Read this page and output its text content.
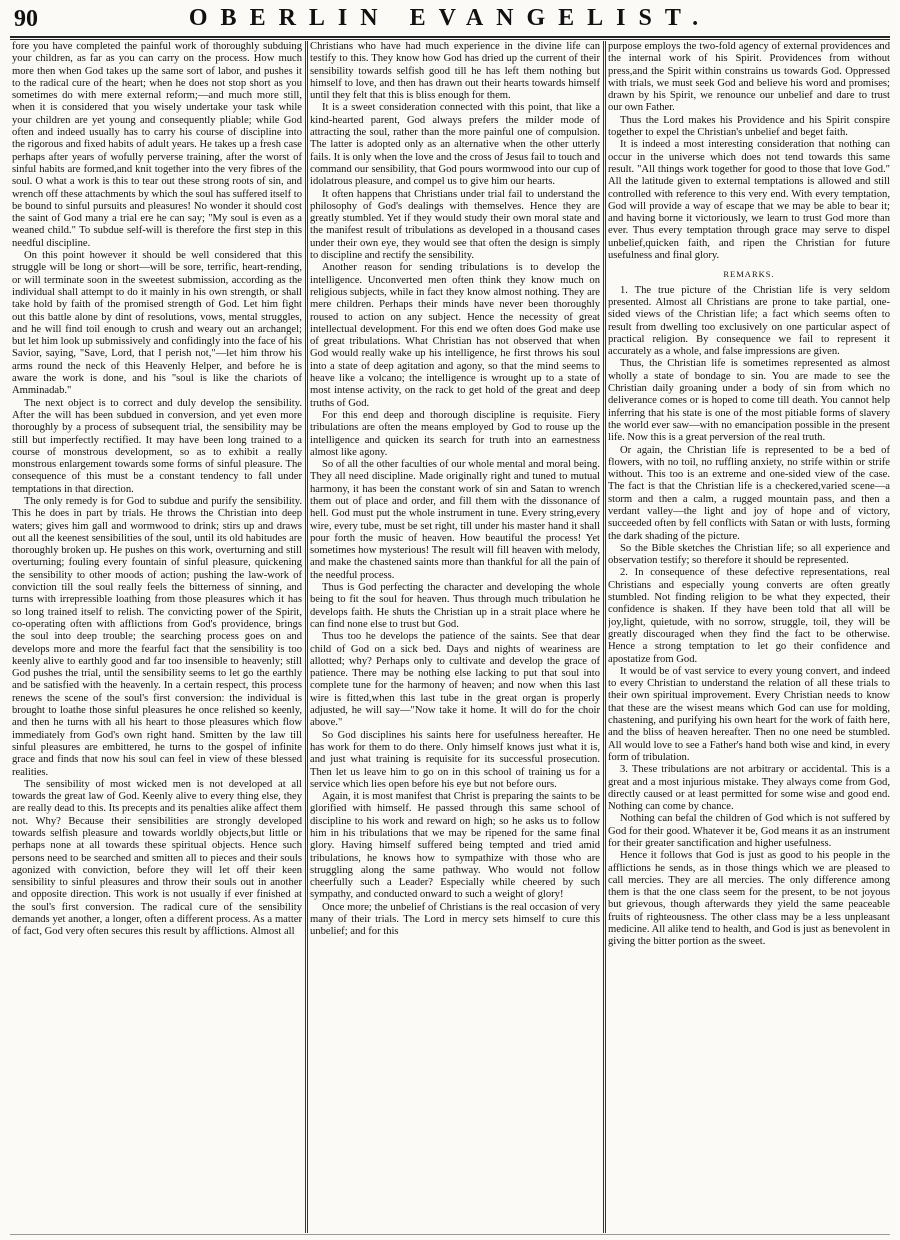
90	OBERLIN EVANGELIST.

fore you have completed the painful work of thoroughly subduing your children, as far as you can carry on the process. How much more then when God takes up the same sort of labor, and pushes it to the radical cure of the heart; when he does not stop short as you sometimes do with mere external reform;—and much more still, when it is considered that you wisely undertake your task while your children are yet young and consequently pliable; while God often and indeed usually has to carry his course of discipline into the rigorous and fixed habits of adult years. He takes up a fresh case perhaps after years of wofully perverse training, after the worst of sinful habits are formed,and knit together into the very fibres of the soul. O what a work is this to tear out these strong roots of sin, and wrench off these attachments by which the soul has suffered itself to be bound to sinful pursuits and pleasures! No wonder it should cost the saint of God many a trial ere he can say; "My soul is even as a weaned child." To subdue self-will is therefore the first step in this needful discipline.

On this point however it should be well considered that this struggle will be long or short—will be sore, terrific, heart-rending, or will terminate soon in the sweetest submission, according as the individual shall attempt to do it mainly in his own strength, or shall take hold by faith of the promised strength of God. Let him fight out this battle alone by dint of resolutions, vows, mental struggles, and he will find toil enough to crush and weary out an archangel; but let him look up submissively and confidingly into the face of his Savior, saying, "Save, Lord, that I perish not,"—let him throw his arms round the neck of this Heavenly Helper, and before he is aware the work is done, and his "soul is like the chariots of Amminadab."

The next object is to correct and duly develop the sensibility. After the will has been subdued in conversion, and yet even more thoroughly by a process of subsequent trial, the sensibility may be still but imperfectly rectified. It may have been long trained to a course of monstrous development, so as to exhibit a really monstrous enlargement towards some forms of sinful pleasure. The consequence of this must be a constant tendency to fall under temptations in that direction.

The only remedy is for God to subdue and purify the sensibility. This he does in part by trials. He throws the Christian into deep waters; gives him gall and wormwood to drink; stirs up and draws out all the keenest sensibilities of the soul, until its old habitudes are thoroughly broken up. He pushes on this work, overturning and still overturning; fouling every fountain of sinful pleasure, quickening the sensibility to other moods of action; pushing the law-work of conviction till the soul really feels the bitterness of sinning, and turns with irrepressible loathing from those pleasures which it has so long trained itself to relish. The convicting power of the Spirit, co-operating often with afflictions from God's providence, brings the soul into deep trouble; the searching process goes on and develops more and more the fearful fact that the sensibility is too keenly alive to earthly good and far too insensible to heavenly; still God pushes the trial, until the sensibility seems to let go the earthly and be satisfied with the heavenly. In a certain respect, this process renews the scene of the soul's first conversion: the individual is brought to loathe those sinful pleasures he once relished so keenly, and then he turns with all his heart to those pleasures which flow immediately from God's own right hand. Smitten by the law till sinful pleasures are embittered, he turns to the gospel of infinite grace and finds that now his soul can feel in view of these blessed realities.

The sensibility of most wicked men is not developed at all towards the great law of God. Keenly alive to every thing else, they are really dead to this. Its precepts and its penalties alike affect them not. Why? Because their sensibilities are strongly developed towards selfish pleasure and towards worldly objects,but little or perhaps none at all towards these spiritual objects. Hence such persons need to be searched and smitten all to pieces and their souls agonized with conviction, before they will let off their keen sensibility to sinful pleasures and throw their souls out in another and opposite direction. This work is not usually if ever finished at the soul's first conversion. The radical cure of the sensibility demands yet another, a longer, often a different process. As a matter of fact, God very often secures this result by afflictions. Almost all

Christians who have had much experience in the divine life can testify to this. They know how God has dried up the current of their sensibility towards selfish good till he has left them nothing but himself to love, and then has drawn out their hearts towards himself until they felt that this is bliss enough for them.

It is a sweet consideration connected with this point, that like a kind-hearted parent, God always prefers the milder mode of attracting the soul, rather than the more painful one of compulsion. The latter is adopted only as an alternative when the other utterly fails. It is only when the love and the cross of Jesus fail to touch and command our sensibility, that God pours wormwood into our cup of idolatrous pleasure, and compel us to give him our hearts.

It often happens that Christians under trial fail to understand the philosophy of God's dealings with themselves. Hence they are greatly stumbled. Yet if they would study their own moral state and the manifest result of tribulations as developed in a thousand cases under their own eye, they would see that often the design is simply to discipline and rectify the sensibility.

Another reason for sending tribulations is to develop the intelligence. Unconverted men often think they know much on religious subjects, while in fact they know almost nothing. They are mere children. Perhaps their minds have never been thoroughly roused to action on any subject. Hence the necessity of great intellectual development. For this end we often does God make use of great tribulations. What Christian has not observed that when God would really wake up his intelligence, he first throws his soul into a state of deep agitation and agony, so that the mind seems to heave like a volcano; the intelligence is wrought up to a state of most intense activity, on the rack to get hold of the great and deep truths of God.

For this end deep and thorough discipline is requisite. Fiery tribulations are often the means employed by God to rouse up the intelligence and quicken its search for truth into an earnestness almost like agony.

So of all the other faculties of our whole mental and moral being. They all need discipline. Made originally right and tuned to mutual harmony, it has been the constant work of sin and Satan to wrench them out of place and order, and fill them with the dissonance of hell. God must put the whole instrument in tune. Every string,every wire, every tube, must be set right, till under his master hand it shall pour forth the music of heaven. How beautiful the process! Yet sometimes how mysterious! The result will fill heaven with melody, and make the chastened saints more than thankful for all the pain of the needful process.

Thus is God perfecting the character and developing the whole being to fit the soul for heaven. Thus through much tribulation he develops faith. He shuts the Christian up in a strait place where he can find none else to trust but God.

Thus too he develops the patience of the saints. See that dear child of God on a sick bed. Days and nights of weariness are allotted; why? Perhaps only to cultivate and develop the grace of patience. There may be nothing else lacking to put that soul into complete tune for the harmony of heaven; and now when this last wire is fitted,when this last tube in the great organ is properly adjusted, he will say—"Now take it home. It will do for the choir above."

So God disciplines his saints here for usefulness hereafter. He has work for them to do there. Only himself knows just what it is, and just what training is requisite for its successful prosecution. Then let us leave him to go on in this school of training us for a service which lies open before his eye but not before ours.

Again, it is most manifest that Christ is preparing the saints to be glorified with himself. He passed through this same school of discipline to his work and reward on high; so he asks us to follow him in his tribulations that we may be ripened for the same final glory. Having himself suffered being tempted and tried amid tribulations, he knows how to sympathize with those who are struggling along the same pathway. Who would not follow cheerfully such a Leader? Especially while cheered by such sympathy, and conducted onward to such a weight of glory!

Once more; the unbelief of Christians is the real occasion of very many of their trials. The Lord in mercy sets himself to cure this unbelief; and for this

purpose employs the two-fold agency of external providences and the internal work of his Spirit. Providences from without press,and the Spirit within constrains us towards God. Oppressed with trials, we must seek God and believe his word and promises; drawn by his Spirit, we renounce our unbelief and dare to trust our own Father.

Thus the Lord makes his Providence and his Spirit conspire together to expel the Christian's unbelief and beget faith.

It is indeed a most interesting consideration that nothing can occur in the universe which does not tend towards this same result. "All things work together for good to those that love God." All the latitude given to external temptations is allowed and still controlled with reference to this very end. With every temptation, God will provide a way of escape that we may be able to bear it; and having borne it victoriously, we learn to trust God more than ever. Thus every temptation through grace may serve to dispel unbelief,quicken faith, and ripen the Christian for future usefulness and final glory.

REMARKS.

1. The true picture of the Christian life is very seldom presented. Almost all Christians are prone to take partial, one-sided views of the Christian life; a fact which seems often to result from dwelling too exclusively on one particular aspect of practical religion. By consequence we fail to represent it accurately as a whole, and false impressions are given.

Thus, the Christian life is sometimes represented as almost wholly a state of bondage to sin. You are made to see the Christian daily groaning under a body of sin from which no deliverance comes or is hoped to come till death. You cannot help inferring that his state is one of the most pitiable forms of slavery the world ever saw—with no emancipation possible in the present life. Now this is a great perversion of the real truth.

Or again, the Christian life is represented to be a bed of flowers, with no toil, no ruffling anxiety, no strife within or strife without. This too is an extreme and one-sided view of the case. The fact is that the Christian life is a checkered,varied scene—a storm and then a calm, a rugged mountain pass, and then a verdant valley—the light and joy of hope and of victory, succeeded often by fell conflicts with Satan or with lusts, forming the dark shading of the picture.

So the Bible sketches the Christian life; so all experience and observation testify; so therefore it should be represented.

2. In consequence of these defective representations, real Christians and especially young converts are often greatly stumbled. Not finding religion to be what they expected, their confidence is shaken. If they have been told that all will be joy,light, quietude, with no sorrow, struggle, toil, they will be greatly discouraged when they find the fact to be otherwise. Hence a strong temptation to let go their confidence and apostatize from God.

It would be of vast service to every young convert, and indeed to every Christian to understand the relation of all these trials to their own spiritual improvement. Every Christian needs to know that these are the wisest means which God can use for molding, chastening, and purifying his own heart for the work of faith here, and the bliss of heaven hereafter. Then no one need be stumbled. All would love to see a Father's hand both wise and kind, in every form of tribulation.

3. These tribulations are not arbitrary or accidental. This is a great and a most injurious mistake. They always come from God, directly caused or at least permitted for some wise and good end. Nothing can come by chance.

Nothing can befal the children of God which is not suffered by God for their good. Whatever it be, God means it as an instrument for their greater sanctification and higher usefulness.

Hence it follows that God is just as good to his people in the afflictions he sends, as in those things which we are pleased to call mercies. They are all mercies. The only difference among them is that the one class seem for the present, to be not joyous but grievous, though afterwards they yield the same peaceable fruits of righteousness. The other class may be a less unpleasant medicine. All alike tend to health, and God is just as benevolent in giving the bitter portion as the sweet.
